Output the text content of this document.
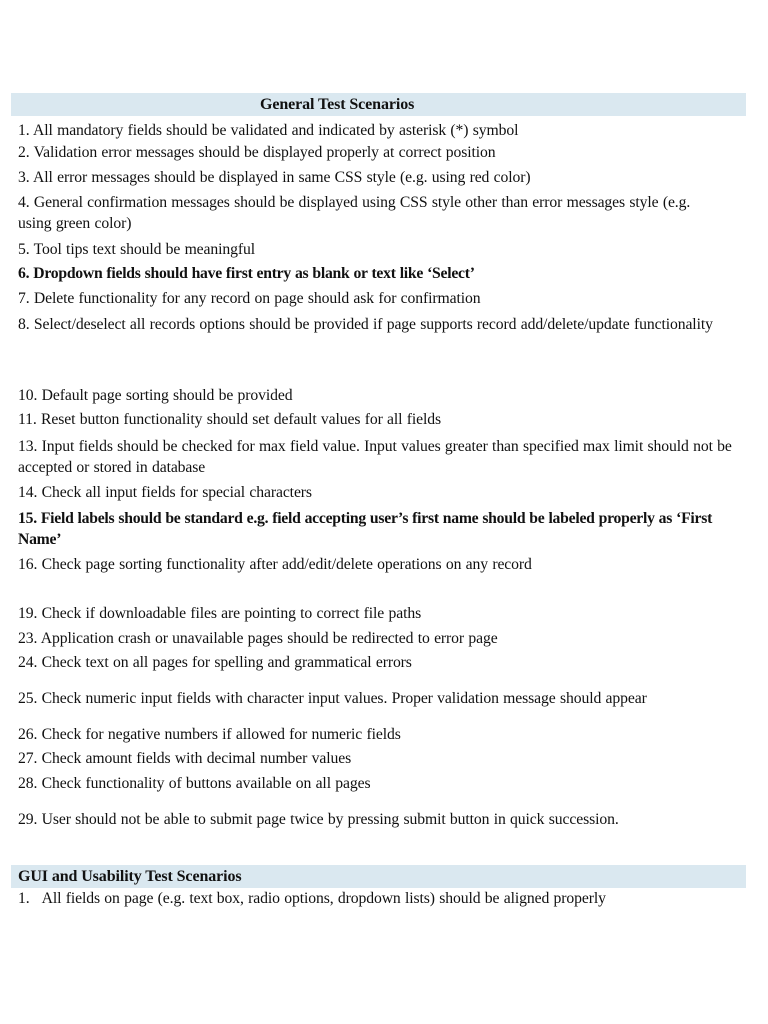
General Test Scenarios

1. All mandatory fields should be validated and indicated by asterisk (*) symbol

2. Validation error messages should be displayed properly at correct position

3. All error messages should be displayed in same CSS style (e.g. using red color)

4. General confirmation messages should be displayed using CSS style other than error messages style (e.g. using green color)

5. Tool tips text should be meaningful

6. Dropdown fields should have first entry as blank or text like ‘Select’

7. Delete functionality for any record on page should ask for confirmation

8. Select/deselect all records options should be provided if page supports record add/delete/update functionality

10. Default page sorting should be provided

11. Reset button functionality should set default values for all fields

13. Input fields should be checked for max field value. Input values greater than specified max limit should not be accepted or stored in database

14. Check all input fields for special characters

15. Field labels should be standard e.g. field accepting user’s first name should be labeled properly as ‘First Name’

16. Check page sorting functionality after add/edit/delete operations on any record

19. Check if downloadable files are pointing to correct file paths

23. Application crash or unavailable pages should be redirected to error page

24. Check text on all pages for spelling and grammatical errors

25. Check numeric input fields with character input values. Proper validation message should appear

26. Check for negative numbers if allowed for numeric fields

27. Check amount fields with decimal number values

28. Check functionality of buttons available on all pages

29. User should not be able to submit page twice by pressing submit button in quick succession.

GUI and Usability Test Scenarios

1.   All fields on page (e.g. text box, radio options, dropdown lists) should be aligned properly
